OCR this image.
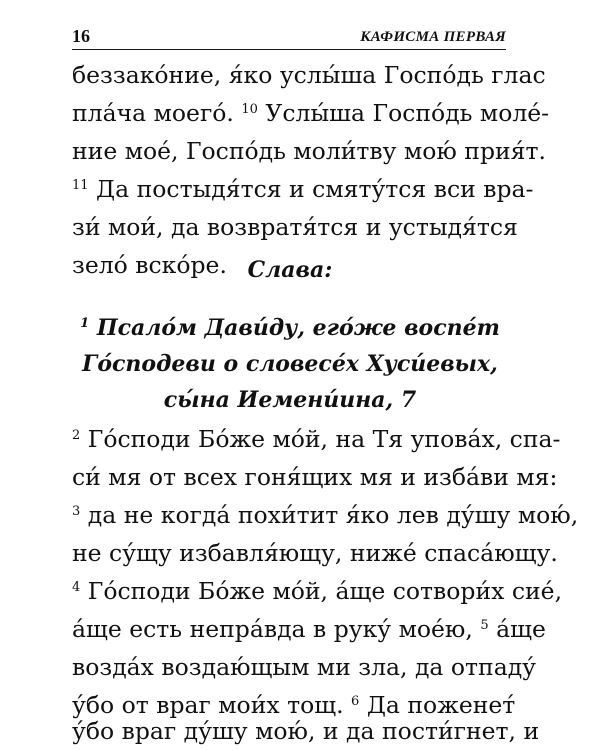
16	КАФИСМА ПЕРВАЯ
беззако́ние, я́ко услы́ша Госпо́дь глас
пла́ча моего́. $^{10}$ Услы́ша Госпо́дь моле́-
ние мое́, Госпо́дь моли́тву мою́ прия́т.
$^{11}$ Да постыдя́тся и смяту́тся вси вра-
зи́ мои́, да возвратя́тся и устыдя́тся
зело́ вско́ре. Слава:
$^1$ Псало́м Дави́ду, его́же воспе́т
Го́сподеви о словесе́х Хуси́евых,
сы́на Иемени́ина, 7
$^2$ Го́споди Бо́же мо́й, на Тя упова́х, спа-
си́ мя от всех гоня́щих мя и изба́ви мя:
$^3$ да не когда́ похи́тит я́ко лев ду́шу мою́,
не су́щу избавля́ющу, ниже́ спаса́ющу.
$^4$ Го́споди Бо́же мо́й, а́ще сотвори́х сие́,
а́ще есть непра́вда в руку́ мое́ю, $^5$ а́ще
возда́х воздаю́щым ми зла, да отпаду́
у́бо от враг мои́х тощ. $^6$ Да поженет́
у́бо враг ду́шу мою́, и да пости́гнет, и
